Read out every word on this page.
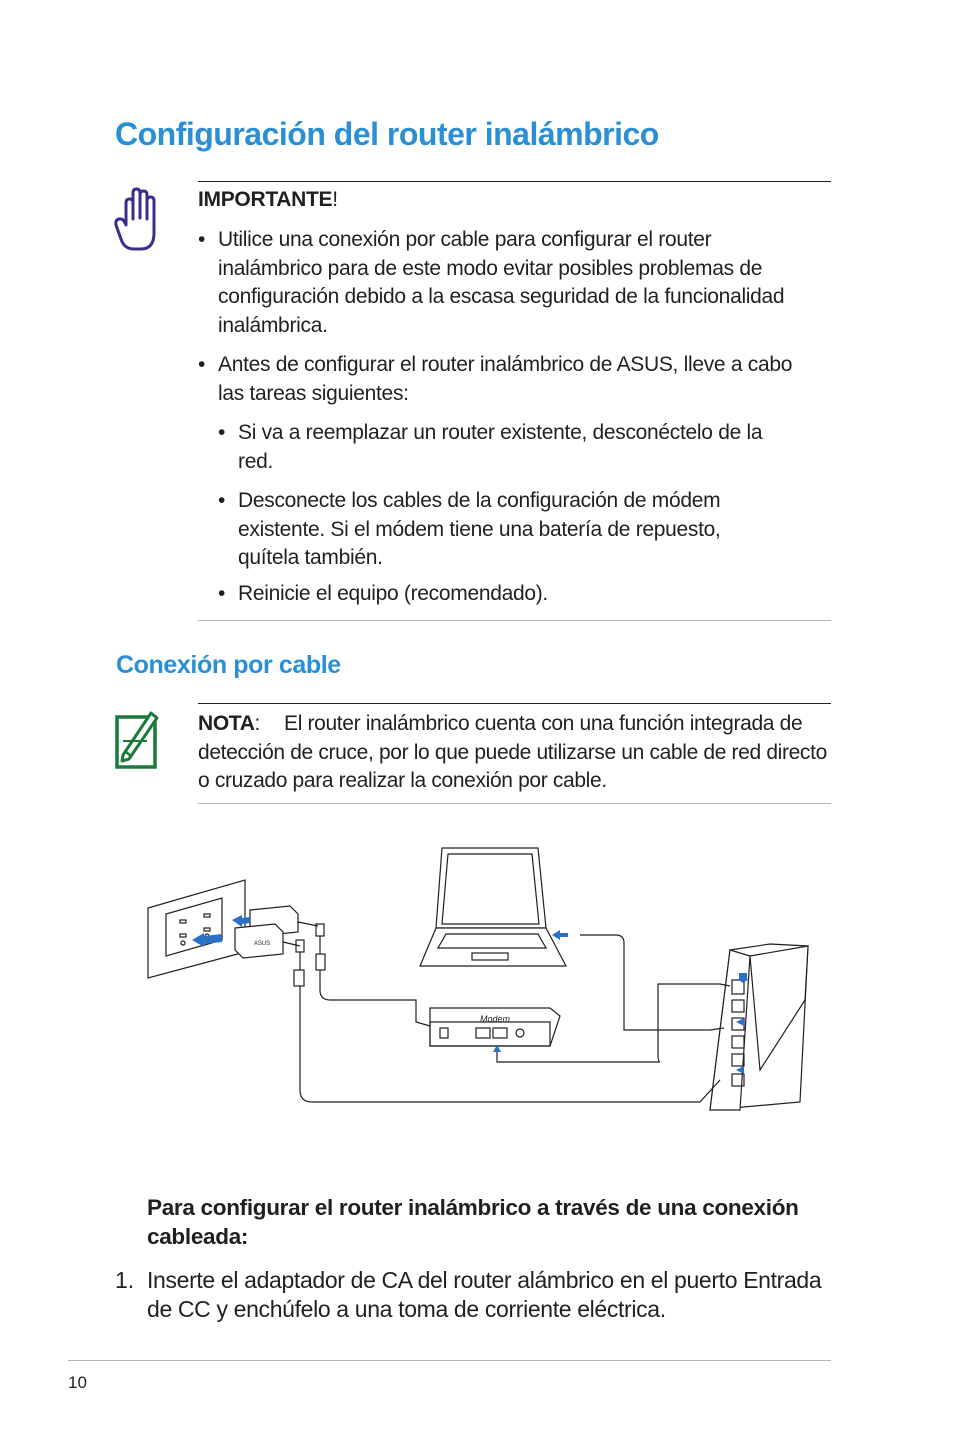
Configuración del router inalámbrico
IMPORTANTE!
• Utilice una conexión por cable para configurar el router inalámbrico para de este modo evitar posibles problemas de configuración debido a la escasa seguridad de la funcionalidad inalámbrica.
• Antes de configurar el router inalámbrico de ASUS, lleve a cabo las tareas siguientes:
• Si va a reemplazar un router existente, desconéctelo de la red.
• Desconecte los cables de la configuración de módem existente. Si el módem tiene una batería de repuesto, quítela también.
• Reinicie el equipo (recomendado).
Conexión por cable
NOTA: El router inalámbrico cuenta con una función integrada de detección de cruce, por lo que puede utilizarse un cable de red directo o cruzado para realizar la conexión por cable.
Modem
ASUS
Para configurar el router inalámbrico a través de una conexión cableada:
1. Inserte el adaptador de CA del router alámbrico en el puerto Entrada de CC y enchúfelo a una toma de corriente eléctrica.
10
